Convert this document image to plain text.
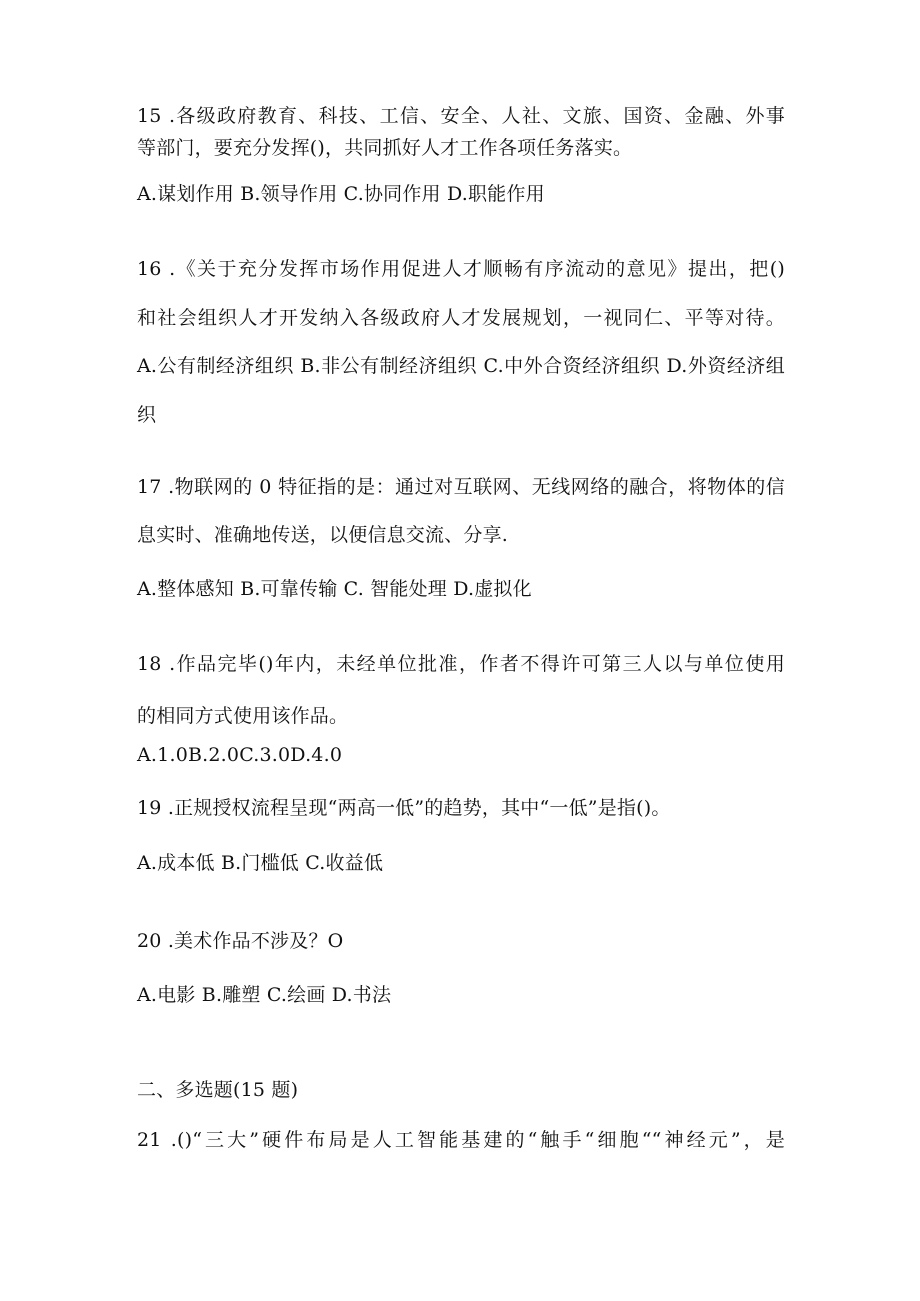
15 .各级政府教育、科技、工信、安全、人社、文旅、国资、金融、外事
等部门，要充分发挥()，共同抓好人才工作各项任务落实。
A.谋划作用 B.领导作用 C.协同作用 D.职能作用
16 .《关于充分发挥市场作用促进人才顺畅有序流动的意见》提出，把()
和社会组织人才开发纳入各级政府人才发展规划，一视同仁、平等对待。
A.公有制经济组织 B.非公有制经济组织 C.中外合资经济组织 D.外资经济组
织
17 .物联网的 0 特征指的是：通过对互联网、无线网络的融合，将物体的信
息实时、准确地传送，以便信息交流、分享.
A.整体感知 B.可靠传输 C. 智能处理 D.虚拟化
18 .作品完毕()年内，未经单位批准，作者不得许可第三人以与单位使用
的相同方式使用该作品。
A.1.0B.2.0C.3.0D.4.0
19 .正规授权流程呈现“两高一低”的趋势，其中“一低”是指()。
A.成本低 B.门槛低 C.收益低
20 .美术作品不涉及？O
A.电影 B.雕塑 C.绘画 D.书法
二、多选题(15 题)
21 .()“三大”硬件布局是人工智能基建的“触手“细胞““神经元”，是
